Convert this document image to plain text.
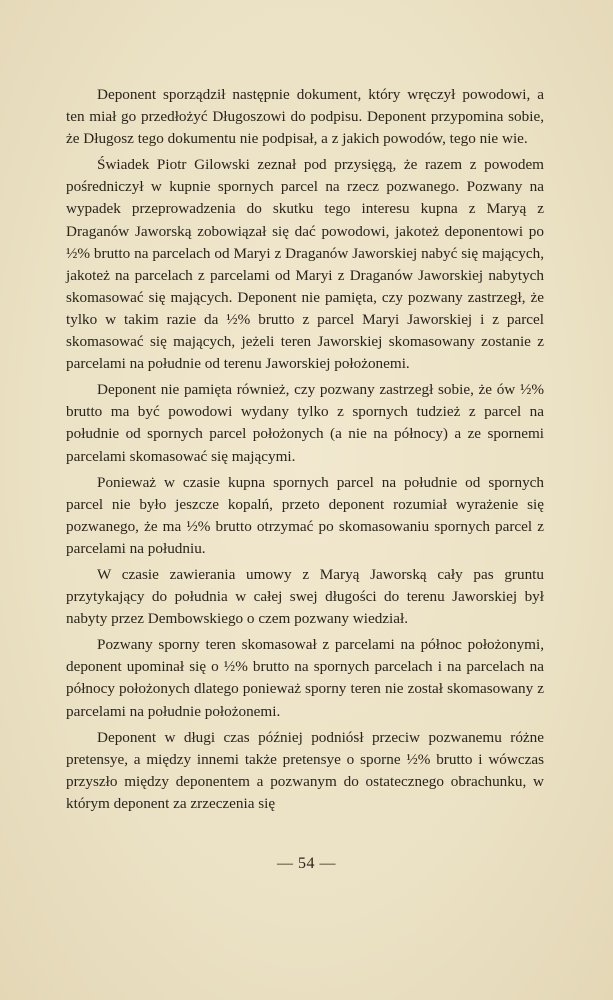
Deponent sporządził następnie dokument, który wręczył powodowi, a ten miał go przedłożyć Długoszowi do podpisu. Deponent przypomina sobie, że Długosz tego dokumentu nie podpisał, a z jakich powodów, tego nie wie.

Świadek Piotr Gilowski zeznał pod przysięgą, że razem z powodem pośredniczył w kupnie spornych parcel na rzecz pozwanego. Pozwany na wypadek przeprowadzenia do skutku tego interesu kupna z Maryą z Draganów Jaworską zobowiązał się dać powodowi, jakoteż deponentowi po ½% brutto na parcelach od Maryi z Draganów Jaworskiej nabyć się mających, jakoteż na parcelach z parcelami od Maryi z Draganów Jaworskiej nabytych skomasować się mających. Deponent nie pamięta, czy pozwany zastrzegł, że tylko w takim razie da ½% brutto z parcel Maryi Jaworskiej i z parcel skomasować się mających, jeżeli teren Jaworskiej skomasowany zostanie z parcelami na południe od terenu Jaworskiej położonemi.

Deponent nie pamięta również, czy pozwany zastrzegł sobie, że ów ½% brutto ma być powodowi wydany tylko z spornych tudzież z parcel na południe od spornych parcel położonych (a nie na północy) a ze spornemi parcelami skomasować się mającymi.

Ponieważ w czasie kupna spornych parcel na południe od spornych parcel nie było jeszcze kopalń, przeto deponent rozumiał wyrażenie się pozwanego, że ma ½% brutto otrzymać po skomasowaniu spornych parcel z parcelami na południu.

W czasie zawierania umowy z Maryą Jaworską cały pas gruntu przytykający do południa w całej swej długości do terenu Jaworskiej był nabyty przez Dembowskiego o czem pozwany wiedział.

Pozwany sporny teren skomasował z parcelami na północ położonymi, deponent upominał się o ½% brutto na spornych parcelach i na parcelach na północy położonych dlatego ponieważ sporny teren nie został skomasowany z parcelami na południe położonemi.

Deponent w długi czas później podniósł przeciw pozwanemu różne pretensye, a między innemi także pretensye o sporne ½% brutto i wówczas przyszło między deponentem a pozwanym do ostatecznego obrachunku, w którym deponent za zrzeczenia się

— 54 —
